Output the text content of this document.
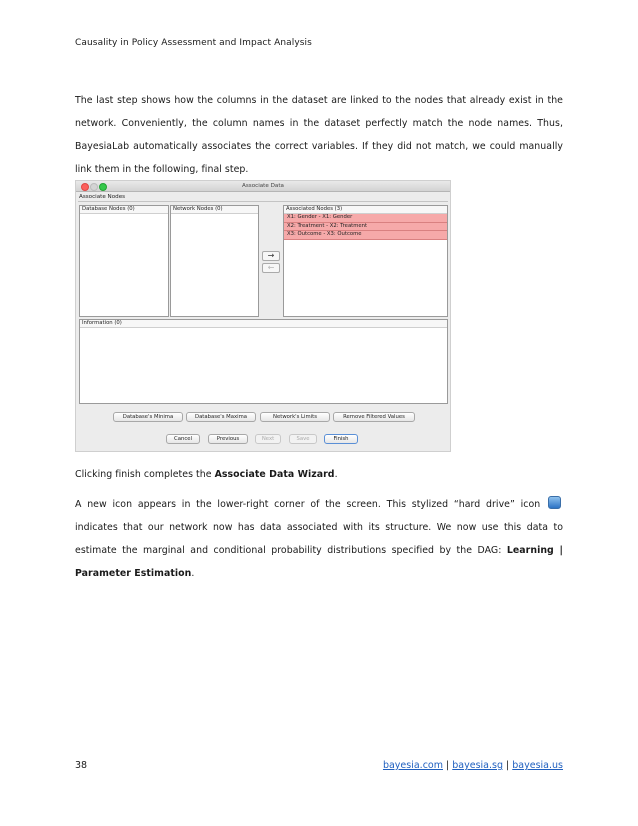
Causality in Policy Assessment and Impact Analysis
The last step shows how the columns in the dataset are linked to the nodes that already exist in the network. Conveniently, the column names in the dataset perfectly match the node names. Thus, BayesiaLab automatically associates the correct variables. If they did not match, we could manually link them in the following, final step.
Associate Data
Associate Nodes
Database Nodes (0)	Network Nodes (0)
→
←
Associated Nodes (3)
X1: Gender - X1: Gender
X2: Treatment - X2: Treatment
X3: Outcome - X3: Outcome
Information (0)
Database's Minima	Database's Maxima	Network's Limits	Remove Filtered Values
Cancel	Previous	Next	Save	Finish
Clicking finish completes the Associate Data Wizard.
A new icon appears in the lower-right corner of the screen. This stylized “hard drive” icon  indicates that our network now has data associated with its structure. We now use this data to estimate the marginal and conditional probability distributions specified by the DAG: Learning | Parameter Estimation.
38	bayesia.com | bayesia.sg | bayesia.us
